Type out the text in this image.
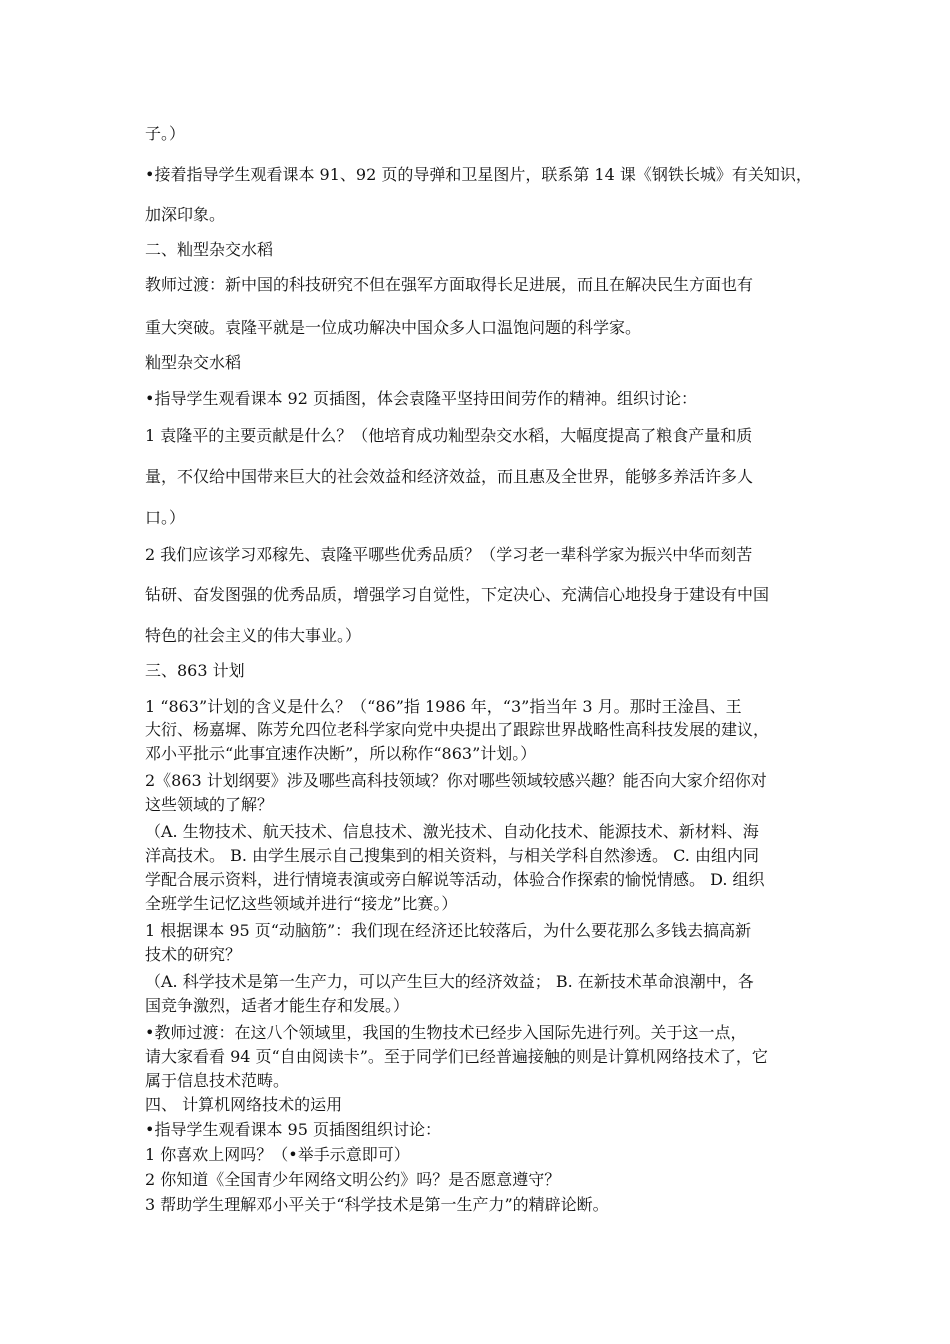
子。）
•接着指导学生观看课本 91、92 页的导弹和卫星图片，联系第 14 课《钢铁长城》有关知识，
加深印象。
二、籼型杂交水稻
教师过渡：新中国的科技研究不但在强军方面取得长足进展，而且在解决民生方面也有
重大突破。袁隆平就是一位成功解决中国众多人口温饱问题的科学家。
籼型杂交水稻
•指导学生观看课本 92 页插图，体会袁隆平坚持田间劳作的精神。组织讨论：
1 袁隆平的主要贡献是什么？（他培育成功籼型杂交水稻，大幅度提高了粮食产量和质
量，不仅给中国带来巨大的社会效益和经济效益，而且惠及全世界，能够多养活许多人
口。）
2 我们应该学习邓稼先、袁隆平哪些优秀品质？（学习老一辈科学家为振兴中华而刻苦
钻研、奋发图强的优秀品质，增强学习自觉性，下定决心、充满信心地投身于建设有中国
特色的社会主义的伟大事业。）
三、863 计划
1 “863”计划的含义是什么？（“86”指 1986 年，“3”指当年 3 月。那时王淦昌、王
大衍、杨嘉墀、陈芳允四位老科学家向党中央提出了跟踪世界战略性高科技发展的建议，
邓小平批示“此事宜速作决断”，所以称作“863”计划。）
2《863 计划纲要》涉及哪些高科技领域？你对哪些领域较感兴趣？能否向大家介绍你对
这些领域的了解？
（A. 生物技术、航天技术、信息技术、激光技术、自动化技术、能源技术、新材料、海
洋高技术。 B. 由学生展示自己搜集到的相关资料，与相关学科自然渗透。 C. 由组内同
学配合展示资料，进行情境表演或旁白解说等活动，体验合作探索的愉悦情感。 D. 组织
全班学生记忆这些领域并进行“接龙”比赛。）
1 根据课本 95 页“动脑筋”：我们现在经济还比较落后，为什么要花那么多钱去搞高新
技术的研究？
（A. 科学技术是第一生产力，可以产生巨大的经济效益； B. 在新技术革命浪潮中，各
国竞争激烈，适者才能生存和发展。）
•教师过渡：在这八个领域里，我国的生物技术已经步入国际先进行列。关于这一点，
请大家看看 94 页“自由阅读卡”。至于同学们已经普遍接触的则是计算机网络技术了，它
属于信息技术范畴。
四、 计算机网络技术的运用
•指导学生观看课本 95 页插图组织讨论：
1 你喜欢上网吗？（•举手示意即可）
2 你知道《全国青少年网络文明公约》吗？是否愿意遵守？
3 帮助学生理解邓小平关于“科学技术是第一生产力”的精辟论断。
